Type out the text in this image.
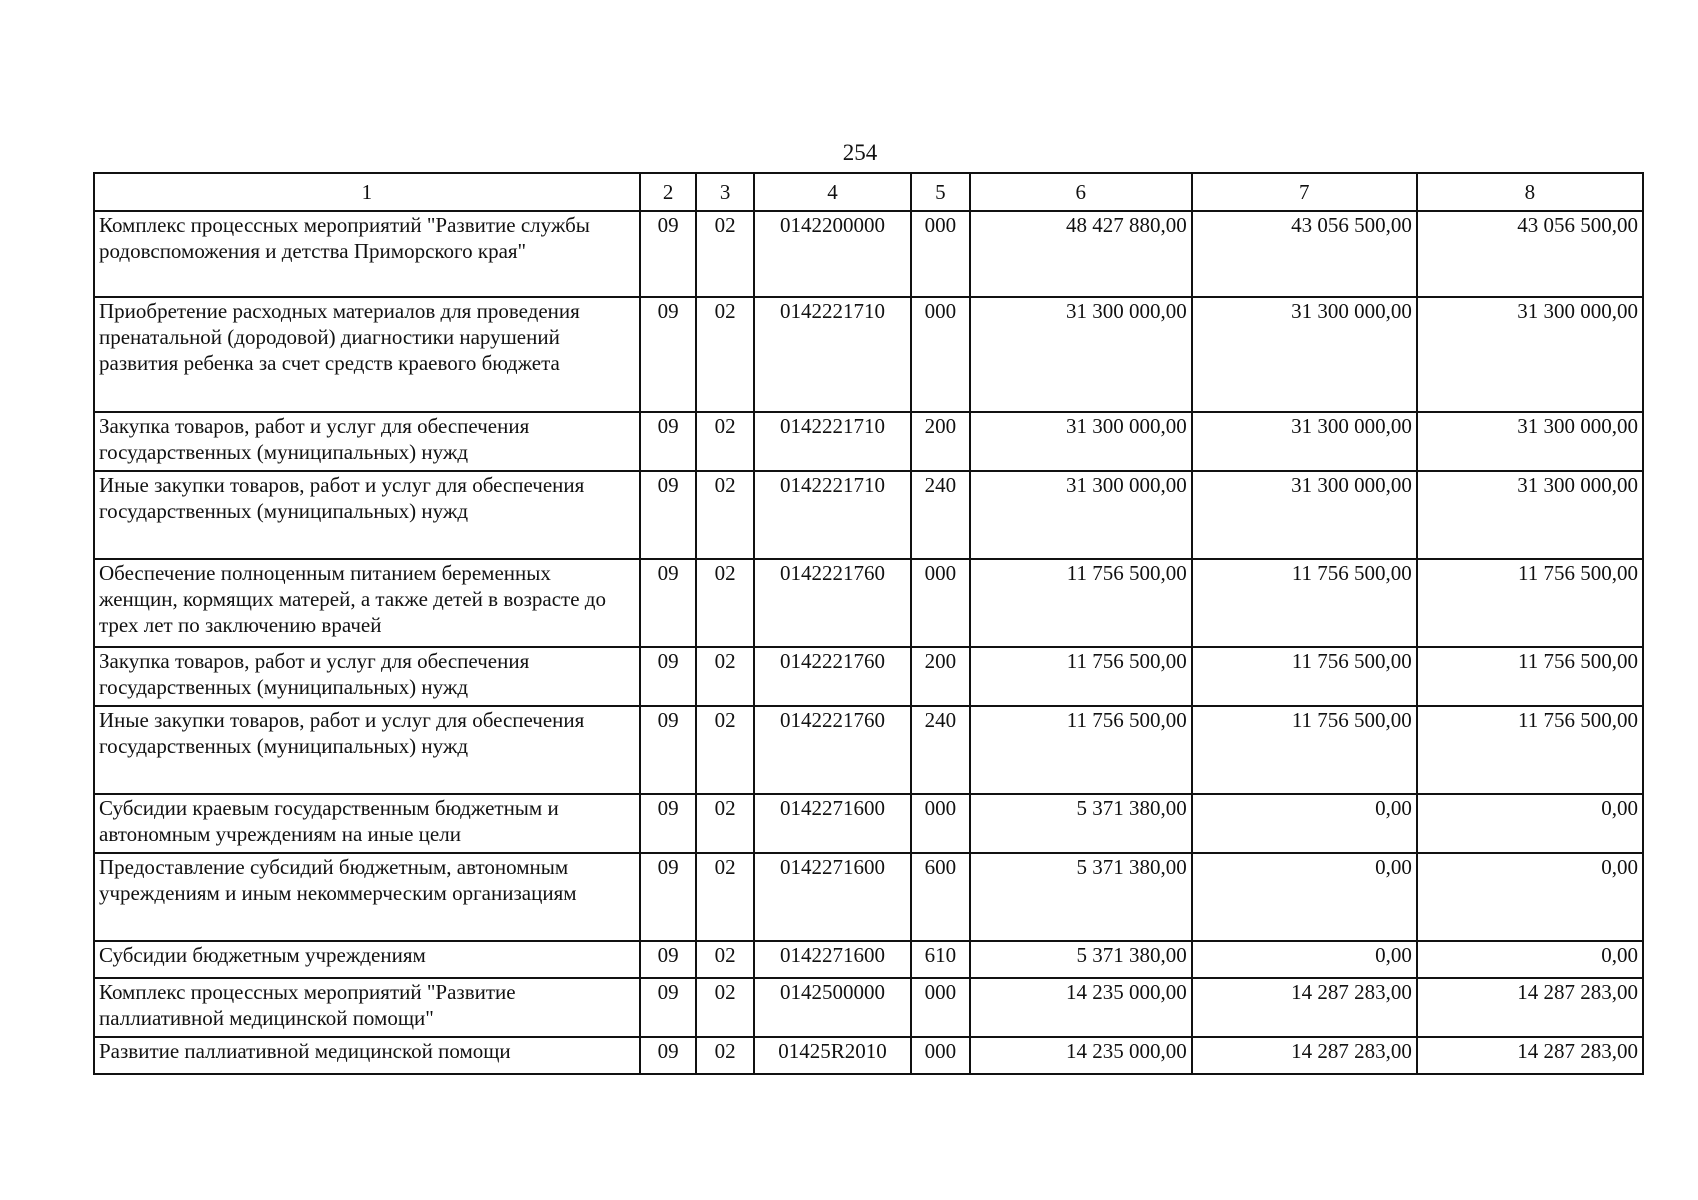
254
1	2	3	4	5	6	7	8
Комплекс процессных мероприятий "Развитие службы родовспоможения и детства Приморского края"	09	02	0142200000	000	48 427 880,00	43 056 500,00	43 056 500,00
Приобретение расходных материалов для проведения пренатальной (дородовой) диагностики нарушений развития ребенка за счет средств краевого бюджета	09	02	0142221710	000	31 300 000,00	31 300 000,00	31 300 000,00
Закупка товаров, работ и услуг для обеспечения государственных (муниципальных) нужд	09	02	0142221710	200	31 300 000,00	31 300 000,00	31 300 000,00
Иные закупки товаров, работ и услуг для обеспечения государственных (муниципальных) нужд	09	02	0142221710	240	31 300 000,00	31 300 000,00	31 300 000,00
Обеспечение полноценным питанием беременных женщин, кормящих матерей, а также детей в возрасте до трех лет по заключению врачей	09	02	0142221760	000	11 756 500,00	11 756 500,00	11 756 500,00
Закупка товаров, работ и услуг для обеспечения государственных (муниципальных) нужд	09	02	0142221760	200	11 756 500,00	11 756 500,00	11 756 500,00
Иные закупки товаров, работ и услуг для обеспечения государственных (муниципальных) нужд	09	02	0142221760	240	11 756 500,00	11 756 500,00	11 756 500,00
Субсидии краевым государственным бюджетным и автономным учреждениям на иные цели	09	02	0142271600	000	5 371 380,00	0,00	0,00
Предоставление субсидий бюджетным, автономным учреждениям и иным некоммерческим организациям	09	02	0142271600	600	5 371 380,00	0,00	0,00
Субсидии бюджетным учреждениям	09	02	0142271600	610	5 371 380,00	0,00	0,00
Комплекс процессных мероприятий "Развитие паллиативной медицинской помощи"	09	02	0142500000	000	14 235 000,00	14 287 283,00	14 287 283,00
Развитие паллиативной медицинской помощи	09	02	01425R2010	000	14 235 000,00	14 287 283,00	14 287 283,00
